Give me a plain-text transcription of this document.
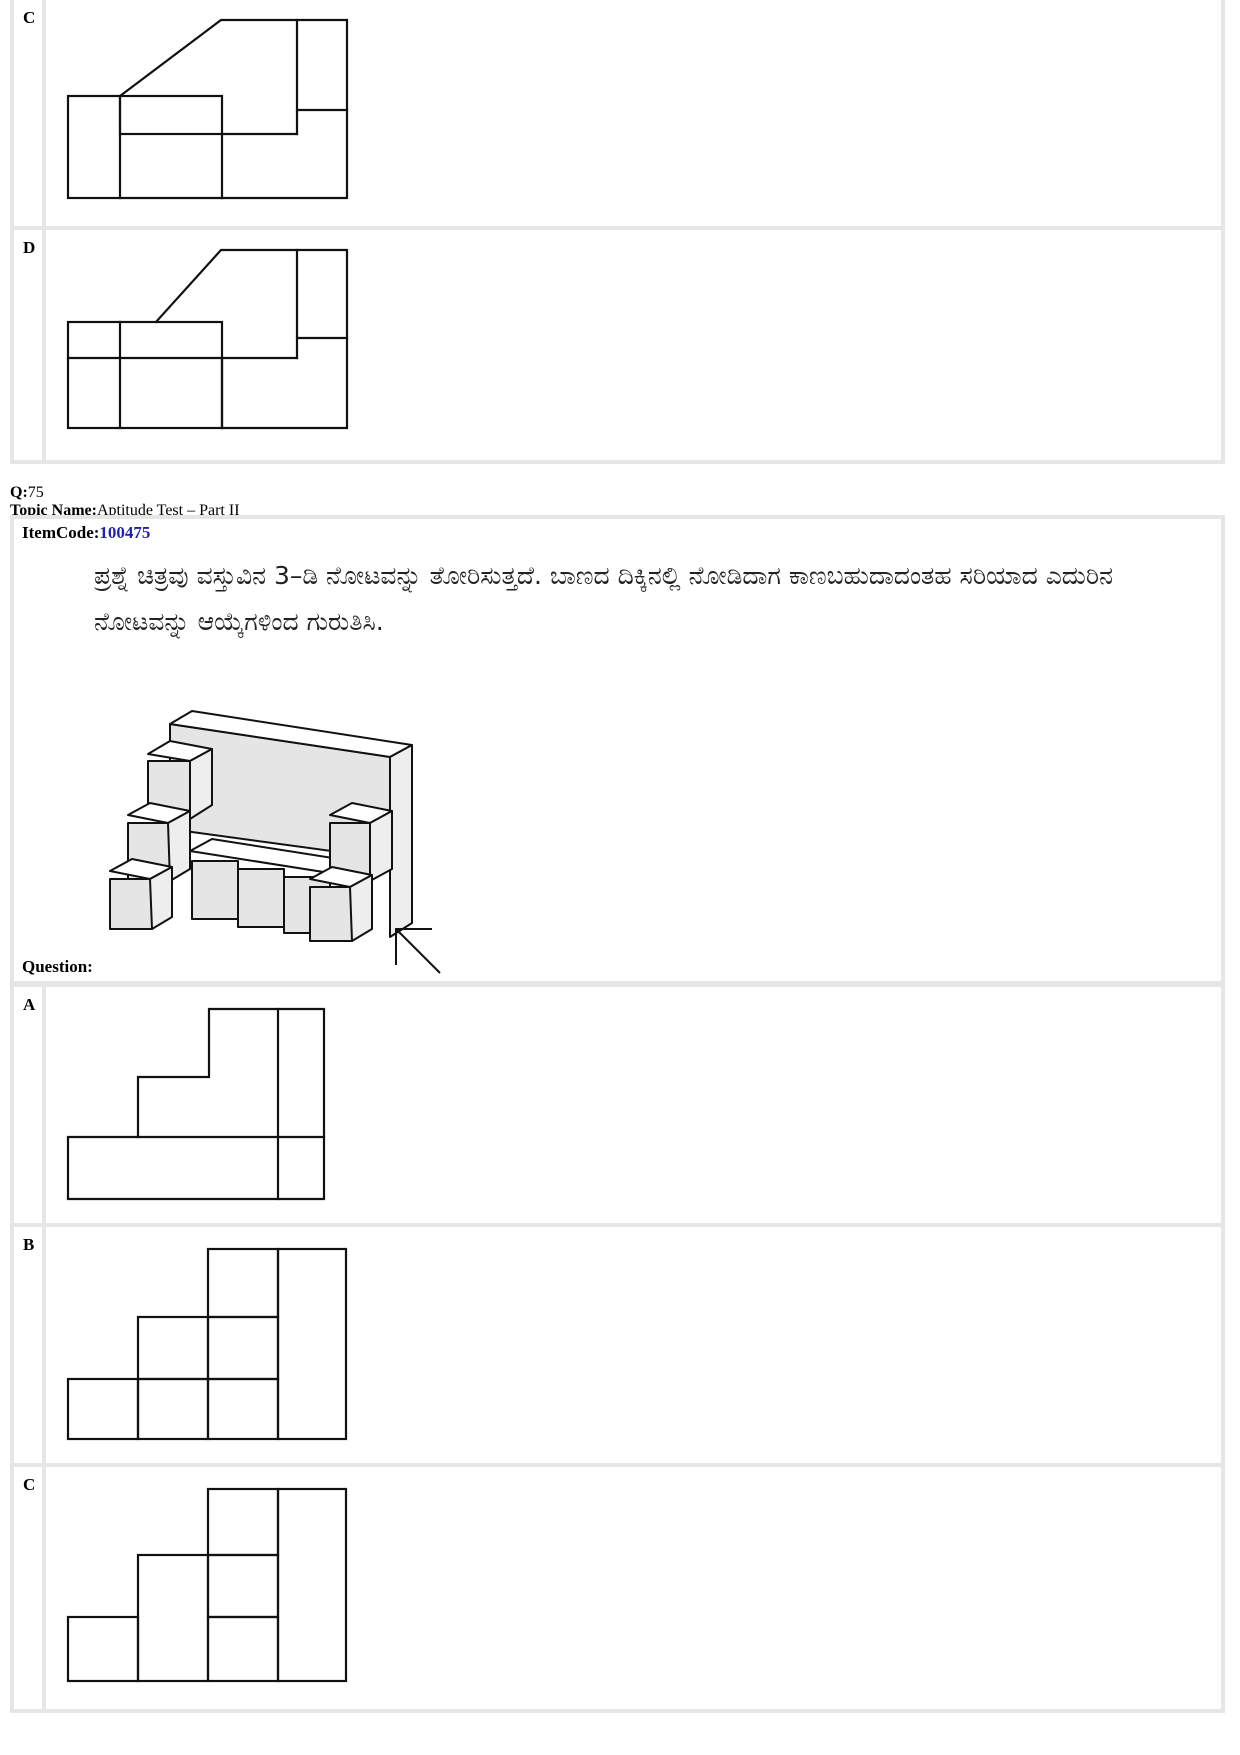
C
D
Q:75
Topic Name:Aptitude Test – Part II
ItemCode:100475
ಪ್ರಶ್ನೆ ಚಿತ್ರವು ವಸ್ತುವಿನ 3–ಡಿ ನೋಟವನ್ನು ತೋರಿಸುತ್ತದೆ. ಬಾಣದ ದಿಕ್ಕಿನಲ್ಲಿ ನೋಡಿದಾಗ ಕಾಣಬಹುದಾದಂತಹ ಸರಿಯಾದ ಎದುರಿನ ನೋಟವನ್ನು ಆಯ್ಕೆಗಳಿಂದ ಗುರುತಿಸಿ.
Question:
A
B
C
